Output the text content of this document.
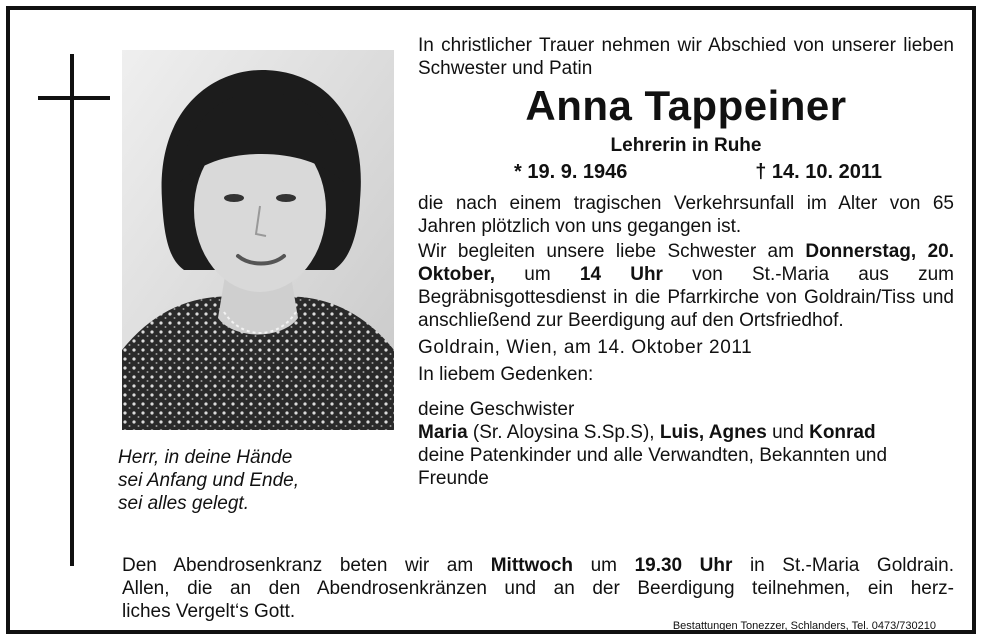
Herr, in deine Hände
sei Anfang und Ende,
sei alles gelegt.
In christlicher Trauer nehmen wir Abschied von unserer lieben Schwester und Patin
Anna Tappeiner
Lehrerin in Ruhe
* 19. 9. 1946	† 14. 10. 2011
die nach einem tragischen Verkehrsunfall im Alter von 65 Jahren plötzlich von uns gegangen ist.
Wir begleiten unsere liebe Schwester am Donnerstag, 20. Oktober, um 14 Uhr von St.-Maria aus zum Begräbnisgottesdienst in die Pfarrkirche von Goldrain/Tiss und anschließend zur Beerdigung auf den Ortsfriedhof.
Goldrain, Wien, am 14. Oktober 2011
In liebem Gedenken:
deine Geschwister
Maria (Sr. Aloysina S.Sp.S), Luis, Agnes und Konrad
deine Patenkinder und alle Verwandten, Bekannten und Freunde
Den Abendrosenkranz beten wir am Mittwoch um 19.30 Uhr in St.-Maria Goldrain.
Allen, die an den Abendrosenkränzen und an der Beerdigung teilnehmen, ein herz-
liches Vergelt‘s Gott.
Bestattungen Tonezzer, Schlanders, Tel. 0473/730210
